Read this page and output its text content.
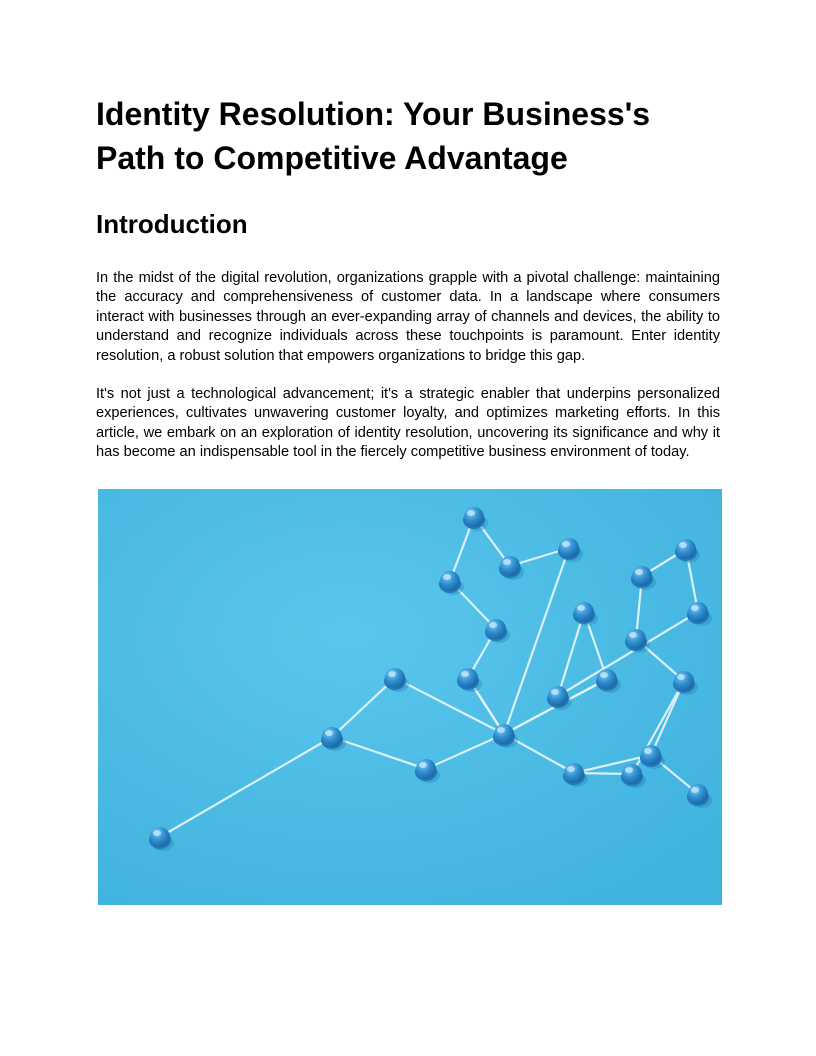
Identity Resolution: Your Business's Path to Competitive Advantage
Introduction

In the midst of the digital revolution, organizations grapple with a pivotal challenge: maintaining the accuracy and comprehensiveness of customer data. In a landscape where consumers interact with businesses through an ever-expanding array of channels and devices, the ability to understand and recognize individuals across these touchpoints is paramount. Enter identity resolution, a robust solution that empowers organizations to bridge this gap.

It's not just a technological advancement; it's a strategic enabler that underpins personalized experiences, cultivates unwavering customer loyalty, and optimizes marketing efforts. In this article, we embark on an exploration of identity resolution, uncovering its significance and why it has become an indispensable tool in the fiercely competitive business environment of today.
